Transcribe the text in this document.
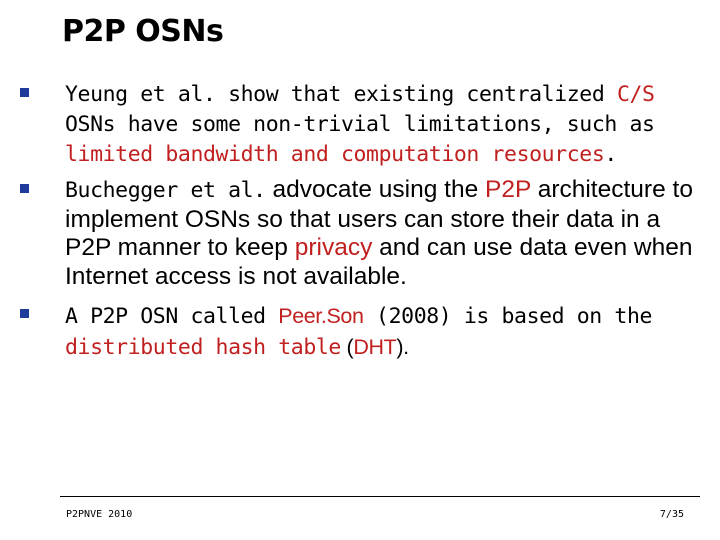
P2P OSNs
Yeung et al. show that existing centralized C/S OSNs have some non-trivial limitations, such as limited bandwidth and computation resources.
Buchegger et al. advocate using the P2P architecture to implement OSNs so that users can store their data in a P2P manner to keep privacy and can use data even when Internet access is not available.
A P2P OSN called Peer.Son (2008) is based on the distributed hash table (DHT).
P2PNVE 2010	7/35
